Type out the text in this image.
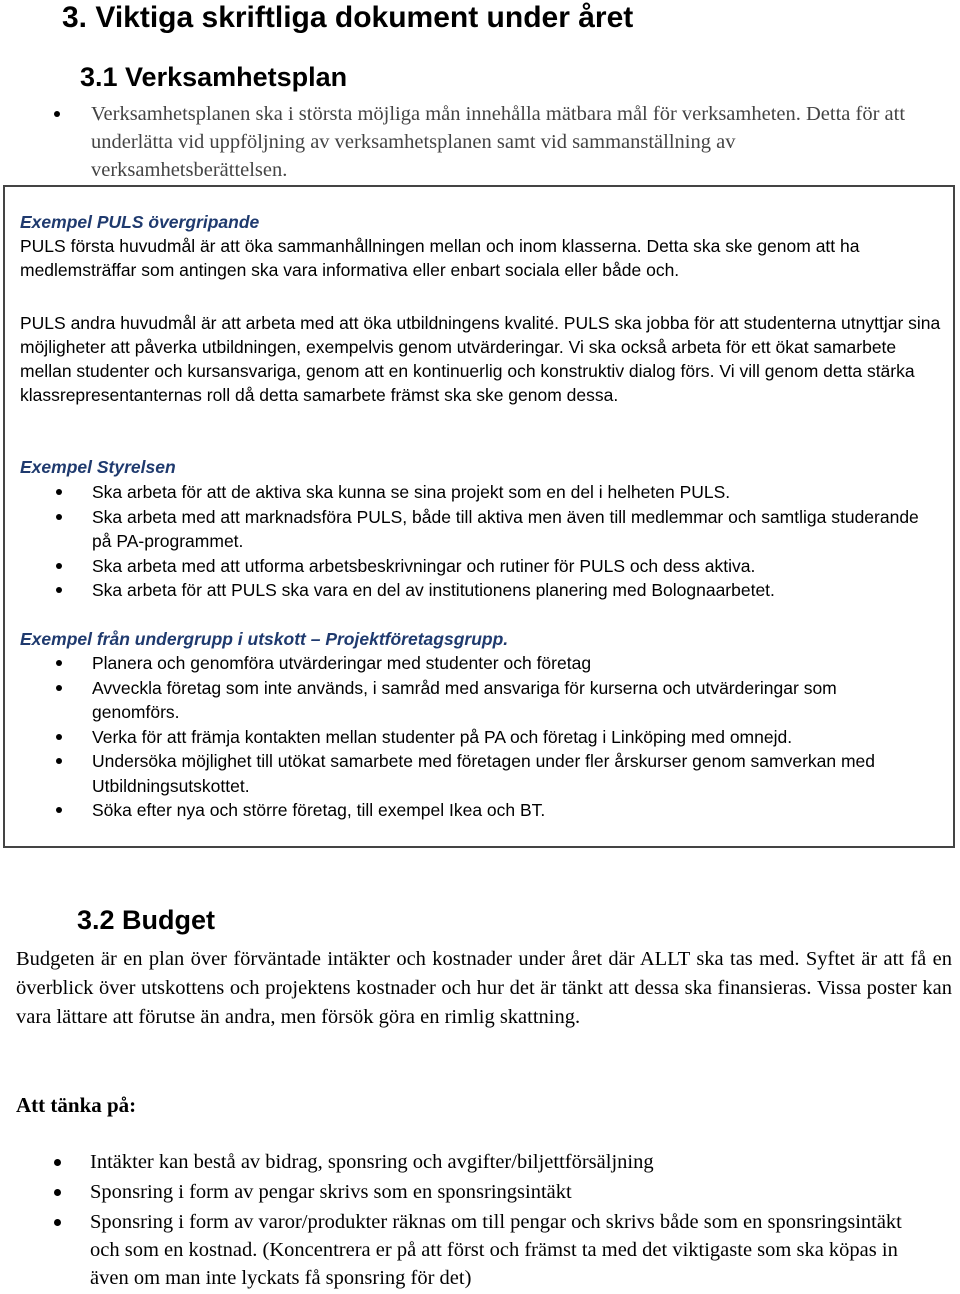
3. Viktiga skriftliga dokument under året
3.1 Verksamhetsplan
Verksamhetsplanen ska i största möjliga mån innehålla mätbara mål för verksamheten. Detta för att underlätta vid uppföljning av verksamhetsplanen samt vid sammanställning av verksamhetsberättelsen.
Exempel PULS övergripande
PULS första huvudmål är att öka sammanhållningen mellan och inom klasserna. Detta ska ske genom att ha medlemsträffar som antingen ska vara informativa eller enbart sociala eller både och.
PULS andra huvudmål är att arbeta med att öka utbildningens kvalité. PULS ska jobba för att studenterna utnyttjar sina möjligheter att påverka utbildningen, exempelvis genom utvärderingar. Vi ska också arbeta för ett ökat samarbete mellan studenter och kursansvariga, genom att en kontinuerlig och konstruktiv dialog förs. Vi vill genom detta stärka klassrepresentanternas roll då detta samarbete främst ska ske genom dessa.
Exempel Styrelsen
Ska arbeta för att de aktiva ska kunna se sina projekt som en del i helheten PULS.
Ska arbeta med att marknadsföra PULS, både till aktiva men även till medlemmar och samtliga studerande på PA-programmet.
Ska arbeta med att utforma arbetsbeskrivningar och rutiner för PULS och dess aktiva.
Ska arbeta för att PULS ska vara en del av institutionens planering med Bolognaarbetet.
Exempel från undergrupp i utskott – Projektföretagsgrupp.
Planera och genomföra utvärderingar med studenter och företag
Avveckla företag som inte används, i samråd med ansvariga för kurserna och utvärderingar som genomförs.
Verka för att främja kontakten mellan studenter på PA och företag i Linköping med omnejd.
Undersöka möjlighet till utökat samarbete med företagen under fler årskurser genom samverkan med Utbildningsutskottet.
Söka efter nya och större företag, till exempel Ikea och BT.
3.2 Budget
Budgeten är en plan över förväntade intäkter och kostnader under året där ALLT ska tas med. Syftet är att få en överblick över utskottens och projektens kostnader och hur det är tänkt att dessa ska finansieras. Vissa poster kan vara lättare att förutse än andra, men försök göra en rimlig skattning.
Att tänka på:
Intäkter kan bestå av bidrag, sponsring och avgifter/biljettförsäljning
Sponsring i form av pengar skrivs som en sponsringsintäkt
Sponsring i form av varor/produkter räknas om till pengar och skrivs både som en sponsringsintäkt och som en kostnad. (Koncentrera er på att först och främst ta med det viktigaste som ska köpas in även om man inte lyckats få sponsring för det)
